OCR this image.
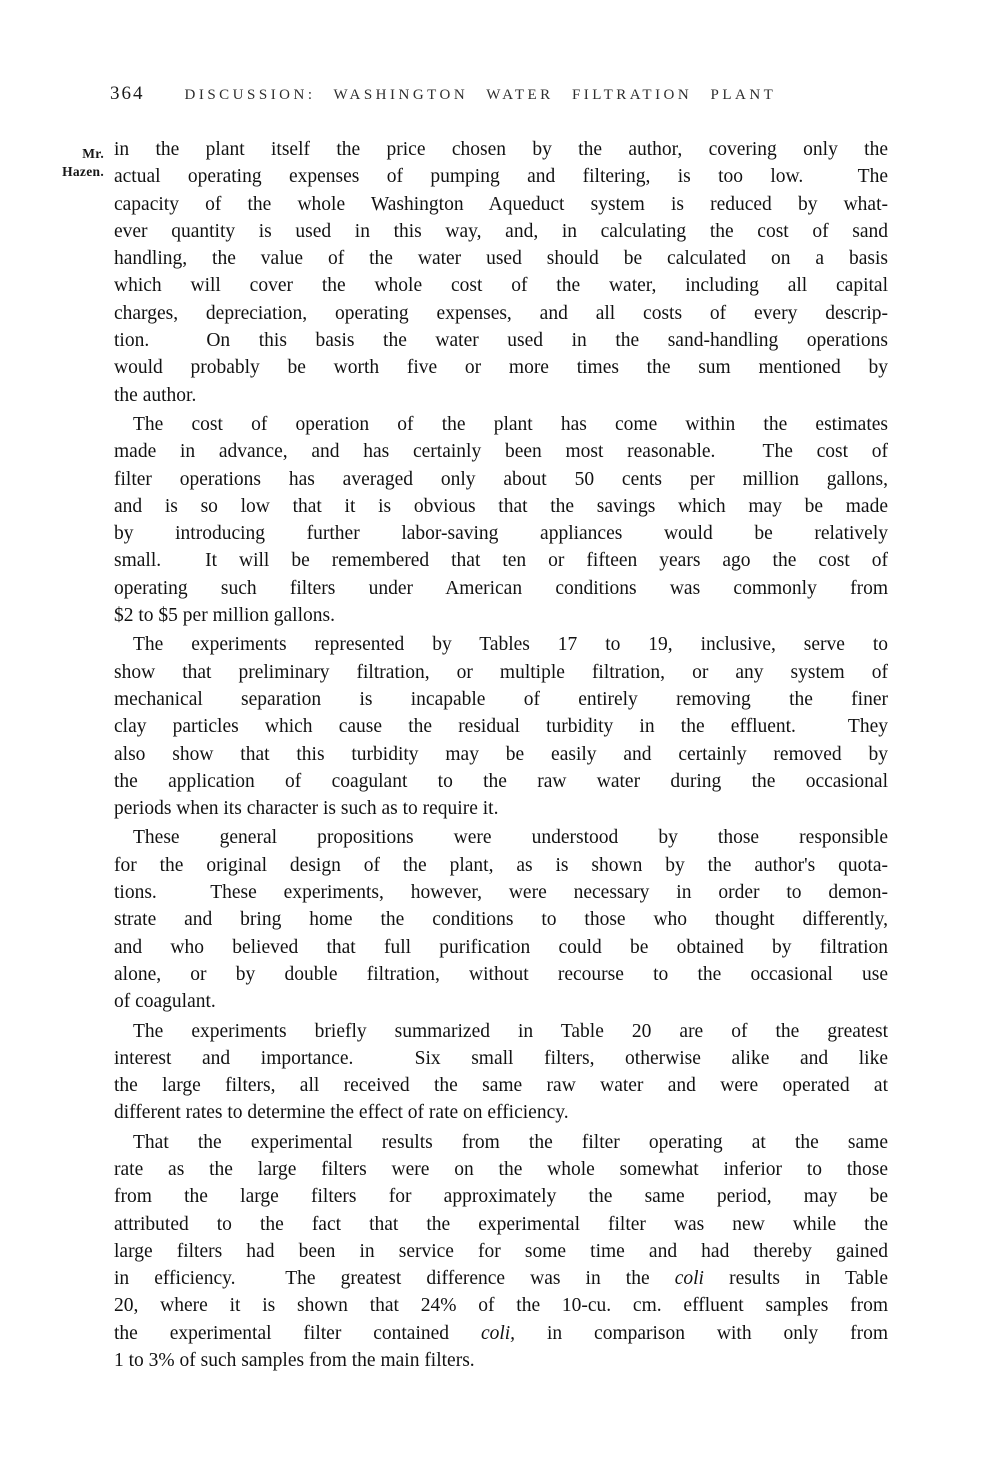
364	DISCUSSION: WASHINGTON WATER FILTRATION PLANT
Mr.
Hazen.

in the plant itself the price chosen by the author, covering only the
actual operating expenses of pumping and filtering, is too low.  The
capacity of the whole Washington Aqueduct system is reduced by what-
ever quantity is used in this way, and, in calculating the cost of sand
handling, the value of the water used should be calculated on a basis
which will cover the whole cost of the water, including all capital
charges, depreciation, operating expenses, and all costs of every descrip-
tion.  On this basis the water used in the sand-handling operations
would probably be worth five or more times the sum mentioned by
the author.

The cost of operation of the plant has come within the estimates
made in advance, and has certainly been most reasonable.  The cost of
filter operations has averaged only about 50 cents per million gallons,
and is so low that it is obvious that the savings which may be made
by introducing further labor-saving appliances would be relatively
small.  It will be remembered that ten or fifteen years ago the cost of
operating such filters under American conditions was commonly from
$2 to $5 per million gallons.

The experiments represented by Tables 17 to 19, inclusive, serve to
show that preliminary filtration, or multiple filtration, or any system of
mechanical separation is incapable of entirely removing the finer
clay particles which cause the residual turbidity in the effluent.  They
also show that this turbidity may be easily and certainly removed by
the application of coagulant to the raw water during the occasional
periods when its character is such as to require it.

These general propositions were understood by those responsible
for the original design of the plant, as is shown by the author's quota-
tions.  These experiments, however, were necessary in order to demon-
strate and bring home the conditions to those who thought differently,
and who believed that full purification could be obtained by filtration
alone, or by double filtration, without recourse to the occasional use
of coagulant.

The experiments briefly summarized in Table 20 are of the greatest
interest and importance.  Six small filters, otherwise alike and like
the large filters, all received the same raw water and were operated at
different rates to determine the effect of rate on efficiency.

That the experimental results from the filter operating at the same
rate as the large filters were on the whole somewhat inferior to those
from the large filters for approximately the same period, may be
attributed to the fact that the experimental filter was new while the
large filters had been in service for some time and had thereby gained
in efficiency.  The greatest difference was in the coli results in Table
20, where it is shown that 24% of the 10-cu. cm. effluent samples from
the experimental filter contained coli, in comparison with only from
1 to 3% of such samples from the main filters.
